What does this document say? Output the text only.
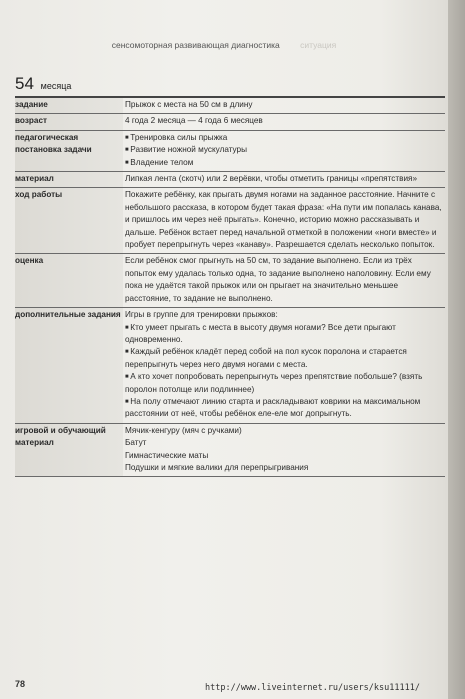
сенсомоторная развивающая диагностика ситуация
54 месяца
задание	Прыжок с места на 50 см в длину
возраст	4 года 2 месяца — 4 года 6 месяцев
педагогическая постановка задачи	■ Тренировка силы прыжка
■ Развитие ножной мускулатуры
■ Владение телом

материал	Липкая лента (скотч) или 2 верёвки, чтобы отметить границы «препятствия»
ход работы	Покажите ребёнку, как прыгать двумя ногами на заданное расстояние. Начните с небольшого рассказа, в котором будет такая фраза: «На пути им попалась канава, и пришлось им через неё прыгать». Конечно, историю можно рассказывать и дальше. Ребёнок встает перед начальной отметкой в положении «ноги вместе» и пробует перепрыгнуть через «канаву». Разрешается сделать несколько попыток.
оценка	Если ребёнок смог прыгнуть на 50 см, то задание выполнено. Если из трёх попыток ему удалась только одна, то задание выполнено наполовину. Если ему пока не удаётся такой прыжок или он прыгает на значительно меньшее расстояние, то задание не выполнено.
дополнительные задания	Игры в группе для тренировки прыжков:
■ Кто умеет прыгать с места в высоту двумя ногами? Все дети прыгают одновременно.
■ Каждый ребёнок кладёт перед собой на пол кусок поролона и старается перепрыгнуть через него двумя ногами с места.
■ А кто хочет попробовать перепрыгнуть через препятствие побольше? (взять поролон потолще или подлиннее)
■ На полу отмечают линию старта и раскладывают коврики на максимальном расстоянии от неё, чтобы ребёнок еле-еле мог допрыгнуть.

игровой и обучающий материал	Мячик-кенгуру (мяч с ручками)
Батут
Гимнастические маты
Подушки и мягкие валики для перепрыгривания
78	http://www.liveinternet.ru/users/ksu11111/
